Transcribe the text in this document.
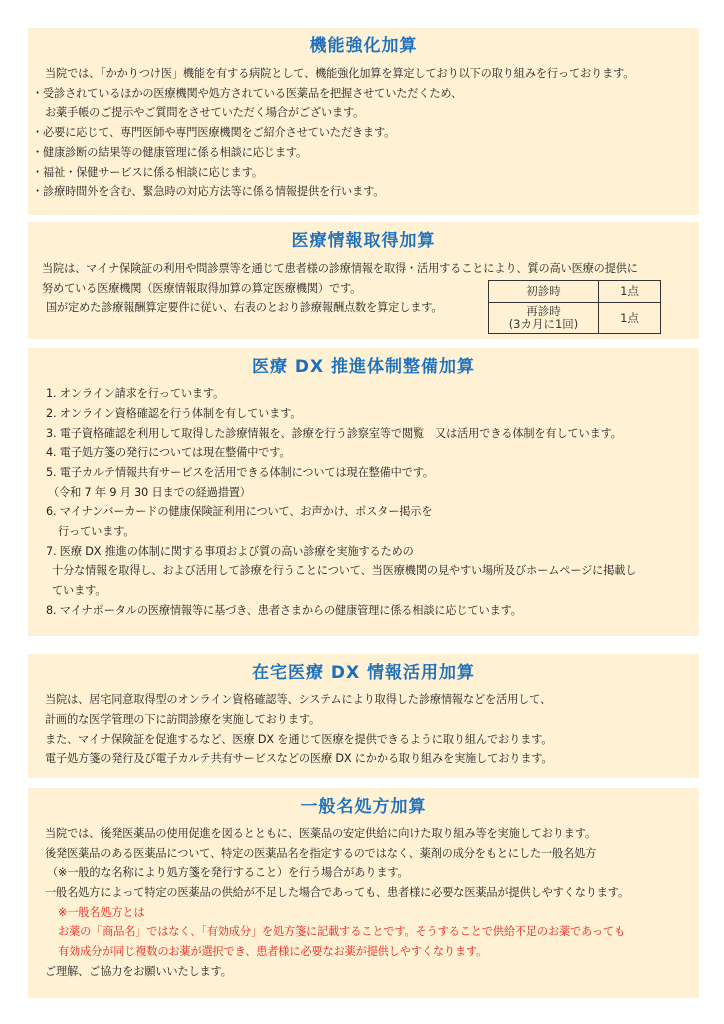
機能強化加算
当院では、「かかりつけ医」機能を有する病院として、機能強化加算を算定しており以下の取り組みを行っております。
・受診されているほかの医療機関や処方されている医薬品を把握させていただくため、
お薬手帳のご提示やご質問をさせていただく場合がございます。
・必要に応じて、専門医師や専門医療機関をご紹介させていただきます。
・健康診断の結果等の健康管理に係る相談に応じます。
・福祉・保健サービスに係る相談に応じます。
・診療時間外を含む、緊急時の対応方法等に係る情報提供を行います。
医療情報取得加算
当院は、マイナ保険証の利用や問診票等を通じて患者様の診療情報を取得・活用することにより、質の高い医療の提供に
努めている医療機関（医療情報取得加算の算定医療機関）です。
国が定めた診療報酬算定要件に従い、右表のとおり診療報酬点数を算定します。
初診時	1点

再診時
(3カ月に1回)	1点
医療 DX 推進体制整備加算
1. オンライン請求を行っています。
2. オンライン資格確認を行う体制を有しています。
3. 電子資格確認を利用して取得した診療情報を、診療を行う診察室等で閲覧　又は活用できる体制を有しています。
4. 電子処方箋の発行については現在整備中です。
5. 電子カルテ情報共有サービスを活用できる体制については現在整備中です。
（令和 7 年 9 月 30 日までの経過措置）
6. マイナンバーカードの健康保険証利用について、お声かけ、ポスター掲示を
行っています。
7. 医療 DX 推進の体制に関する事項および質の高い診療を実施するための
十分な情報を取得し、および活用して診療を行うことについて、当医療機関の見やすい場所及びホームページに掲載し
ています。
8. マイナポータルの医療情報等に基づき、患者さまからの健康管理に係る相談に応じています。
在宅医療 DX 情報活用加算
当院は、居宅同意取得型のオンライン資格確認等、システムにより取得した診療情報などを活用して、
計画的な医学管理の下に訪問診療を実施しております。
また、マイナ保険証を促進するなど、医療 DX を通じて医療を提供できるように取り組んでおります。
電子処方箋の発行及び電子カルテ共有サービスなどの医療 DX にかかる取り組みを実施しております。
一般名処方加算
当院では、後発医薬品の使用促進を図るとともに、医薬品の安定供給に向けた取り組み等を実施しております。
後発医薬品のある医薬品について、特定の医薬品名を指定するのではなく、薬剤の成分をもとにした一般名処方
（※一般的な名称により処方箋を発行すること）を行う場合があります。
一般名処方によって特定の医薬品の供給が不足した場合であっても、患者様に必要な医薬品が提供しやすくなります。
※一般名処方とは
お薬の「商品名」ではなく、「有効成分」を処方箋に記載することです。そうすることで供給不足のお薬であっても
有効成分が同じ複数のお薬が選択でき、患者様に必要なお薬が提供しやすくなります。
ご理解、ご協力をお願いいたします。
